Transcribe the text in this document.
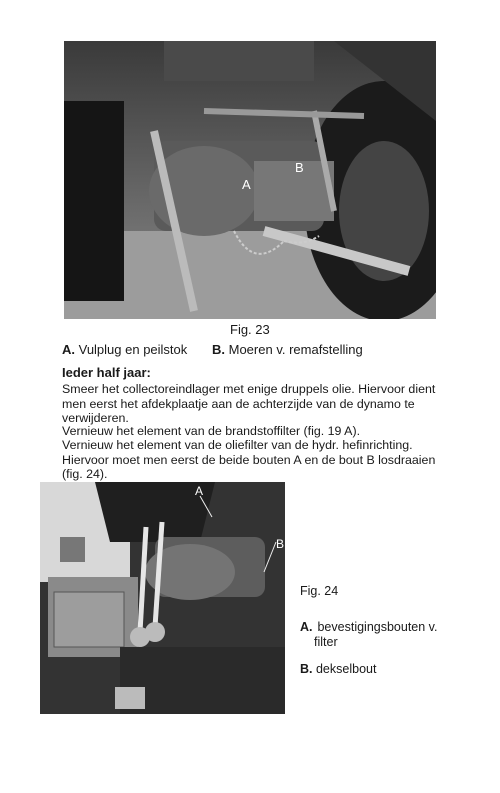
A
B
Fig. 23
A. Vulplug en peilstok B. Moeren v. remafstelling
Ieder half jaar:
Smeer het collectoreindlager met enige druppels olie. Hiervoor dient men eerst het afdekplaatje aan de achterzijde van de dynamo te verwijderen.
Vernieuw het element van de brandstoffilter (fig. 19 A).
Vernieuw het element van de oliefilter van de hydr. hefinrichting. Hiervoor moet men eerst de beide bouten A en de bout B losdraaien (fig. 24).
A
B
Fig. 24
A. bevestigingsbouten v.
filter
B. dekselbout
